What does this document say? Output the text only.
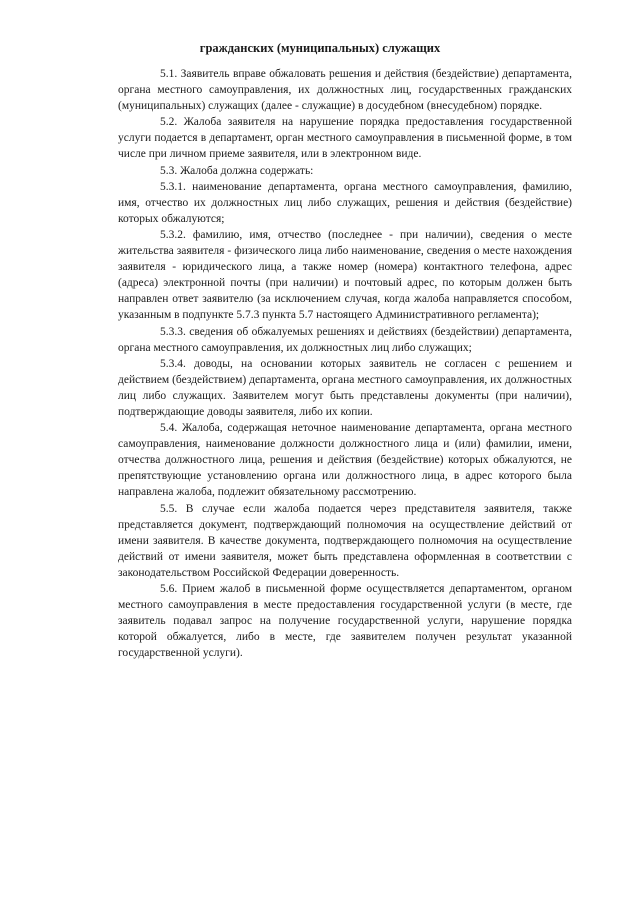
гражданских (муниципальных) служащих

5.1. Заявитель вправе обжаловать решения и действия (бездействие) департамента, органа местного самоуправления, их должностных лиц, государственных гражданских (муниципальных) служащих (далее - служащие) в досудебном (внесудебном) порядке.

5.2. Жалоба заявителя на нарушение порядка предоставления государственной услуги подается в департамент, орган местного самоуправления в письменной форме, в том числе при личном приеме заявителя, или в электронном виде.

5.3. Жалоба должна содержать:

5.3.1. наименование департамента, органа местного самоуправления, фамилию, имя, отчество их должностных лиц либо служащих, решения и действия (бездействие) которых обжалуются;

5.3.2. фамилию, имя, отчество (последнее - при наличии), сведения о месте жительства заявителя - физического лица либо наименование, сведения о месте нахождения заявителя - юридического лица, а также номер (номера) контактного телефона, адрес (адреса) электронной почты (при наличии) и почтовый адрес, по которым должен быть направлен ответ заявителю (за исключением случая, когда жалоба направляется способом, указанным в подпункте 5.7.3 пункта 5.7 настоящего Административного регламента);

5.3.3. сведения об обжалуемых решениях и действиях (бездействии) департамента, органа местного самоуправления, их должностных лиц либо служащих;

5.3.4. доводы, на основании которых заявитель не согласен с решением и действием (бездействием) департамента, органа местного самоуправления, их должностных лиц либо служащих. Заявителем могут быть представлены документы (при наличии), подтверждающие доводы заявителя, либо их копии.

5.4. Жалоба, содержащая неточное наименование департамента, органа местного самоуправления, наименование должности должностного лица и (или) фамилии, имени, отчества должностного лица, решения и действия (бездействие) которых обжалуются, не препятствующие установлению органа или должностного лица, в адрес которого была направлена жалоба, подлежит обязательному рассмотрению.

5.5. В случае если жалоба подается через представителя заявителя, также представляется документ, подтверждающий полномочия на осуществление действий от имени заявителя. В качестве документа, подтверждающего полномочия на осуществление действий от имени заявителя, может быть представлена оформленная в соответствии с законодательством Российской Федерации доверенность.

5.6. Прием жалоб в письменной форме осуществляется департаментом, органом местного самоуправления в месте предоставления государственной услуги (в месте, где заявитель подавал запрос на получение государственной услуги, нарушение порядка которой обжалуется, либо в месте, где заявителем получен результат указанной государственной услуги).
